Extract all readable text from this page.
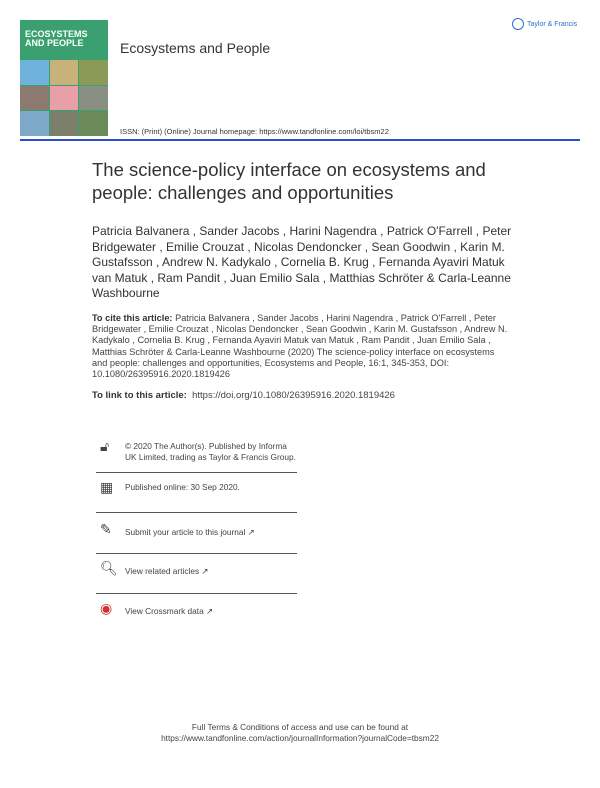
ECOSYSTEMS
AND PEOPLE	Ecosystems and People
Taylor & Francis
ISSN: (Print) (Online) Journal homepage: https://www.tandfonline.com/loi/tbsm22
The science-policy interface on ecosystems and people: challenges and opportunities
Patricia Balvanera , Sander Jacobs , Harini Nagendra , Patrick O'Farrell , Peter Bridgewater , Emilie Crouzat , Nicolas Dendoncker , Sean Goodwin , Karin M. Gustafsson , Andrew N. Kadykalo , Cornelia B. Krug , Fernanda Ayaviri Matuk van Matuk , Ram Pandit , Juan Emilio Sala , Matthias Schröter & Carla-Leanne Washbourne
To cite this article: Patricia Balvanera , Sander Jacobs , Harini Nagendra , Patrick O'Farrell , Peter Bridgewater , Emilie Crouzat , Nicolas Dendoncker , Sean Goodwin , Karin M. Gustafsson , Andrew N. Kadykalo , Cornelia B. Krug , Fernanda Ayaviri Matuk van Matuk , Ram Pandit , Juan Emilio Sala , Matthias Schröter & Carla-Leanne Washbourne (2020) The science-policy interface on ecosystems and people: challenges and opportunities, Ecosystems and People, 16:1, 345-353, DOI: 10.1080/26395916.2020.1819426
To link to this article: https://doi.org/10.1080/26395916.2020.1819426
🔓︎ © 2020 The Author(s). Published by Informa UK Limited, trading as Taylor & Francis Group.
▦ Published online: 30 Sep 2020.
✎ Submit your article to this journal ↗
🔍︎ View related articles ↗
◉ View Crossmark data ↗
Full Terms & Conditions of access and use can be found at
https://www.tandfonline.com/action/journalInformation?journalCode=tbsm22
